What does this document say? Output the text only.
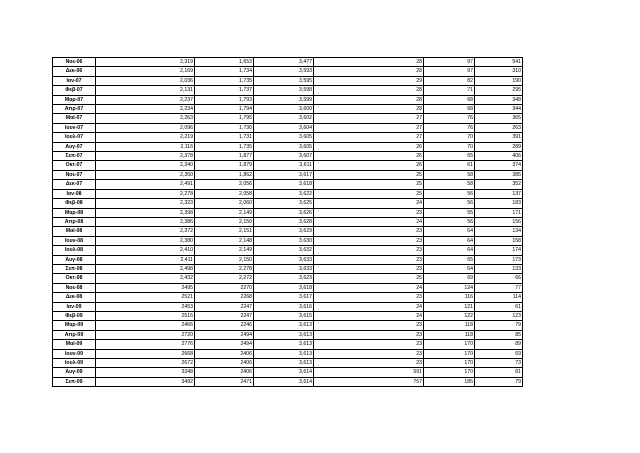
Νοε-06	2,319	1,653	3,477	28	97	541
Δεκ-06	2,169	1,734	3,593	28	97	310
Ιαν-07	2,036	1,735	3,595	29	82	190
Φεβ-07	2,131	1,737	3,598	28	71	295
Μαρ-07	2,237	1,793	3,599	28	68	348
Απρ-07	2,234	1,794	3,600	28	68	344
Μαϊ-07	2,263	1,795	3,602	27	76	365
Ιουν-07	2,096	1,730	3,604	27	76	263
Ιουλ-07	2,219	1,731	3,605	27	70	391
Αυγ-07	2,116	1,735	3,605	26	70	289
Σεπ-07	2,378	1,877	3,607	26	65	406
Οκτ-07	2,340	1,879	3,611	26	61	374
Νοε-07	2,350	1,862	3,617	25	58	385
Δεκ-07	2,491	2,056	3,618	25	58	352
Ιαν-08	2,278	2,058	3,622	25	56	137
Φεβ-08	2,323	2,060	3,625	24	56	183
Μαρ-08	2,398	2,149	3,626	23	55	171
Απρ-08	2,386	2,150	3,628	24	56	156
Μαϊ-08	2,372	2,151	3,629	23	64	134
Ιουν-08	2,380	2,148	3,630	23	64	158
Ιουλ-08	2,410	2,149	3,632	23	64	174
Αυγ-08	2,411	2,150	3,633	23	65	173
Σεπ-08	2,498	2,278	3,633	23	64	133
Οκτ-08	2,432	2,272	3,623	25	69	66
Νοε-08	2495	2270	3,618	24	124	77
Δεκ-08	2521	2268	3,617	23	116	114
Ιαν-09	2453	2247	3,616	24	121	61
Φεβ-09	2516	2247	3,615	24	122	123
Μαρ-09	2466	2246	3,613	23	118	79
Απρ-09	2720	2494	3,613	23	118	85
Μαϊ-09	2776	2494	3,613	23	170	89
Ιουν-09	2668	2406	3,613	23	170	69
Ιουλ-09	2672	2406	3,613	23	170	73
Αυγ-09	3348	2406	3,614	591	170	81
Σεπ-09	3492	2471	3,614	757	185	79
